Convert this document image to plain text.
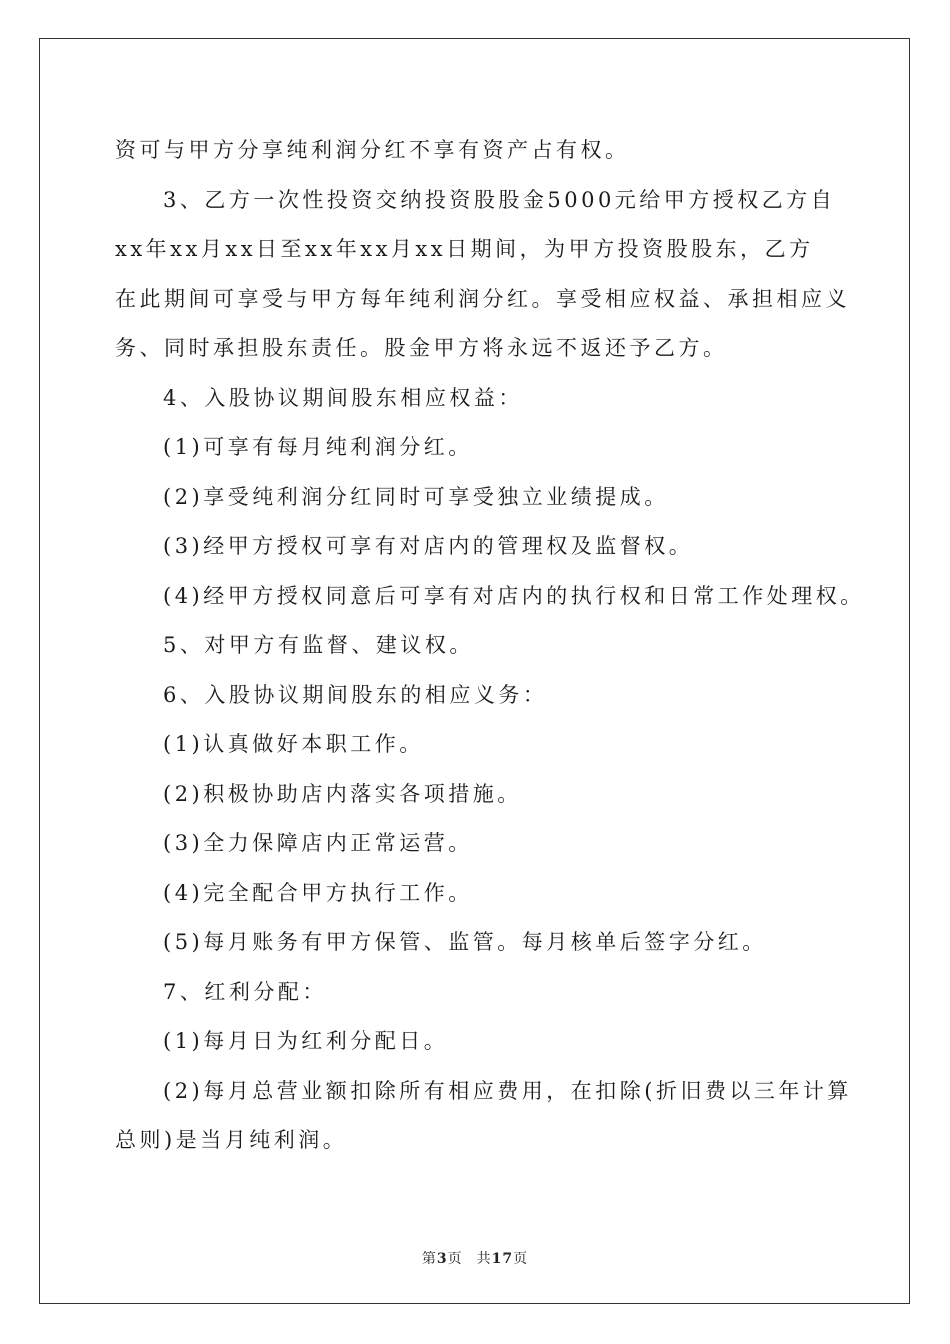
资可与甲方分享纯利润分红不享有资产占有权。
3、乙方一次性投资交纳投资股股金5000元给甲方授权乙方自
xx年xx月xx日至xx年xx月xx日期间，为甲方投资股股东，乙方
在此期间可享受与甲方每年纯利润分红。享受相应权益、承担相应义
务、同时承担股东责任。股金甲方将永远不返还予乙方。
4、入股协议期间股东相应权益：
(1)可享有每月纯利润分红。
(2)享受纯利润分红同时可享受独立业绩提成。
(3)经甲方授权可享有对店内的管理权及监督权。
(4)经甲方授权同意后可享有对店内的执行权和日常工作处理权。
5、对甲方有监督、建议权。
6、入股协议期间股东的相应义务：
(1)认真做好本职工作。
(2)积极协助店内落实各项措施。
(3)全力保障店内正常运营。
(4)完全配合甲方执行工作。
(5)每月账务有甲方保管、监管。每月核单后签字分红。
7、红利分配：
(1)每月日为红利分配日。
(2)每月总营业额扣除所有相应费用，在扣除(折旧费以三年计算
总则)是当月纯利润。
第3页 共17页
